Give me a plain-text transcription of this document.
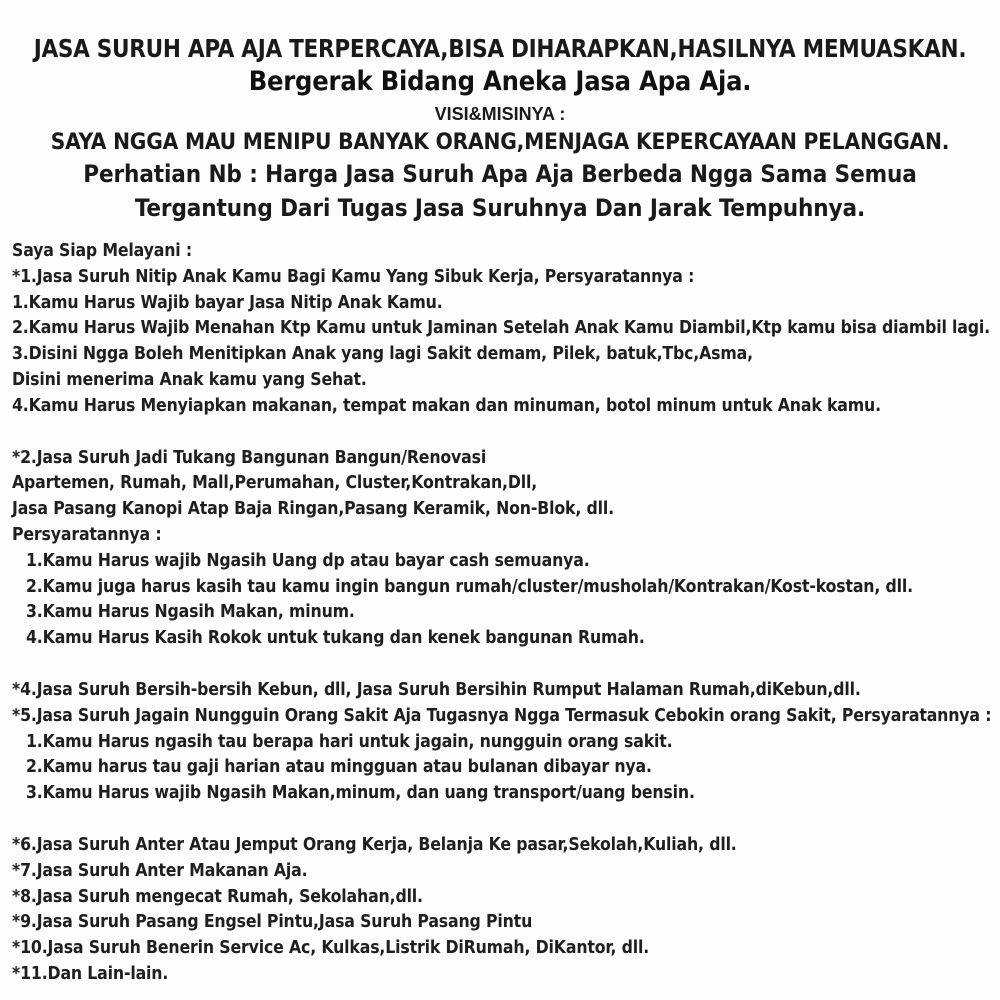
JASA SURUH APA AJA TERPERCAYA,BISA DIHARAPKAN,HASILNYA MEMUASKAN.
Bergerak Bidang Aneka Jasa Apa Aja.
VISI&MISINYA :
SAYA NGGA MAU MENIPU BANYAK ORANG,MENJAGA KEPERCAYAAN PELANGGAN.
Perhatian Nb : Harga Jasa Suruh Apa Aja Berbeda Ngga Sama Semua
Tergantung Dari Tugas Jasa Suruhnya Dan Jarak Tempuhnya.
Saya Siap Melayani :
*1.Jasa Suruh Nitip Anak Kamu Bagi Kamu Yang Sibuk Kerja, Persyaratannya :
1.Kamu Harus Wajib bayar Jasa Nitip Anak Kamu.
2.Kamu Harus Wajib Menahan Ktp Kamu untuk Jaminan Setelah Anak Kamu Diambil,Ktp kamu bisa diambil lagi.
3.Disini Ngga Boleh Menitipkan Anak yang lagi Sakit demam, Pilek, batuk,Tbc,Asma,
Disini menerima Anak kamu yang Sehat.
4.Kamu Harus Menyiapkan makanan, tempat makan dan minuman, botol minum untuk Anak kamu.
*2.Jasa Suruh Jadi Tukang Bangunan Bangun/Renovasi
Apartemen, Rumah, Mall,Perumahan, Cluster,Kontrakan,Dll,
Jasa Pasang Kanopi Atap Baja Ringan,Pasang Keramik, Non-Blok, dll.
Persyaratannya :
1.Kamu Harus wajib Ngasih Uang dp atau bayar cash semuanya.
2.Kamu juga harus kasih tau kamu ingin bangun rumah/cluster/musholah/Kontrakan/Kost-kostan, dll.
3.Kamu Harus Ngasih Makan, minum.
4.Kamu Harus Kasih Rokok untuk tukang dan kenek bangunan Rumah.
*4.Jasa Suruh Bersih-bersih Kebun, dll, Jasa Suruh Bersihin Rumput Halaman Rumah,diKebun,dll.
*5.Jasa Suruh Jagain Nungguin Orang Sakit Aja Tugasnya Ngga Termasuk Cebokin orang Sakit, Persyaratannya :
1.Kamu Harus ngasih tau berapa hari untuk jagain, nungguin orang sakit.
2.Kamu harus tau gaji harian atau mingguan atau bulanan dibayar nya.
3.Kamu Harus wajib Ngasih Makan,minum, dan uang transport/uang bensin.
*6.Jasa Suruh Anter Atau Jemput Orang Kerja, Belanja Ke pasar,Sekolah,Kuliah, dll.
*7.Jasa Suruh Anter Makanan Aja.
*8.Jasa Suruh mengecat Rumah, Sekolahan,dll.
*9.Jasa Suruh Pasang Engsel Pintu,Jasa Suruh Pasang Pintu
*10.Jasa Suruh Benerin Service Ac, Kulkas,Listrik DiRumah, DiKantor, dll.
*11.Dan Lain-lain.
